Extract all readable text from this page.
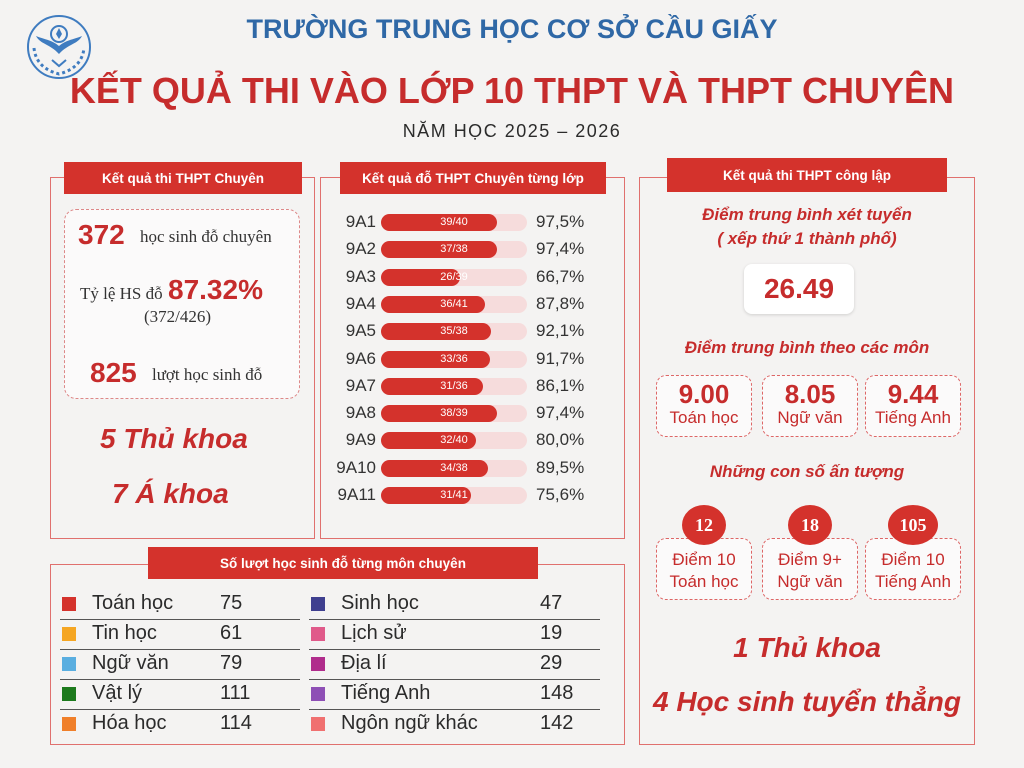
TRƯỜNG TRUNG HỌC CƠ SỞ CẦU GIẤY
KẾT QUẢ THI VÀO LỚP 10 THPT VÀ THPT CHUYÊN
NĂM HỌC 2025 – 2026
Kết quả thi THPT Chuyên
372 học sinh đỗ chuyên
Tỷ lệ HS đỗ 87.32%
(372/426)
825 lượt học sinh đỗ
5 Thủ khoa
7 Á khoa
Kết quả đỗ THPT Chuyên từng lớp
9A1	39/40	97,5%
9A2	37/38	97,4%
9A3	26/39	66,7%
9A4	36/41	87,8%
9A5	35/38	92,1%
9A6	33/36	91,7%
9A7	31/36	86,1%
9A8	38/39	97,4%
9A9	32/40	80,0%
9A10	34/38	89,5%
9A11	31/41	75,6%
Kết quả thi THPT công lập
Điểm trung bình xét tuyển
( xếp thứ 1 thành phố)
26.49
Điểm trung bình theo các môn
9.00
Toán học
8.05
Ngữ văn
9.44
Tiếng Anh
Những con số ấn tượng
Điểm 10
Toán học
12
Điểm 9+
Ngữ văn
18
Điểm 10
Tiếng Anh
105
1 Thủ khoa
4 Học sinh tuyển thẳng
Số lượt học sinh đỗ từng môn chuyên
Toán học 75
Tin học	61
Ngữ văn	79
Vật lý	111
Hóa học	114
Sinh học	47
Lịch sử	19
Địa lí	29
Tiếng Anh	148
Ngôn ngữ khác	142
